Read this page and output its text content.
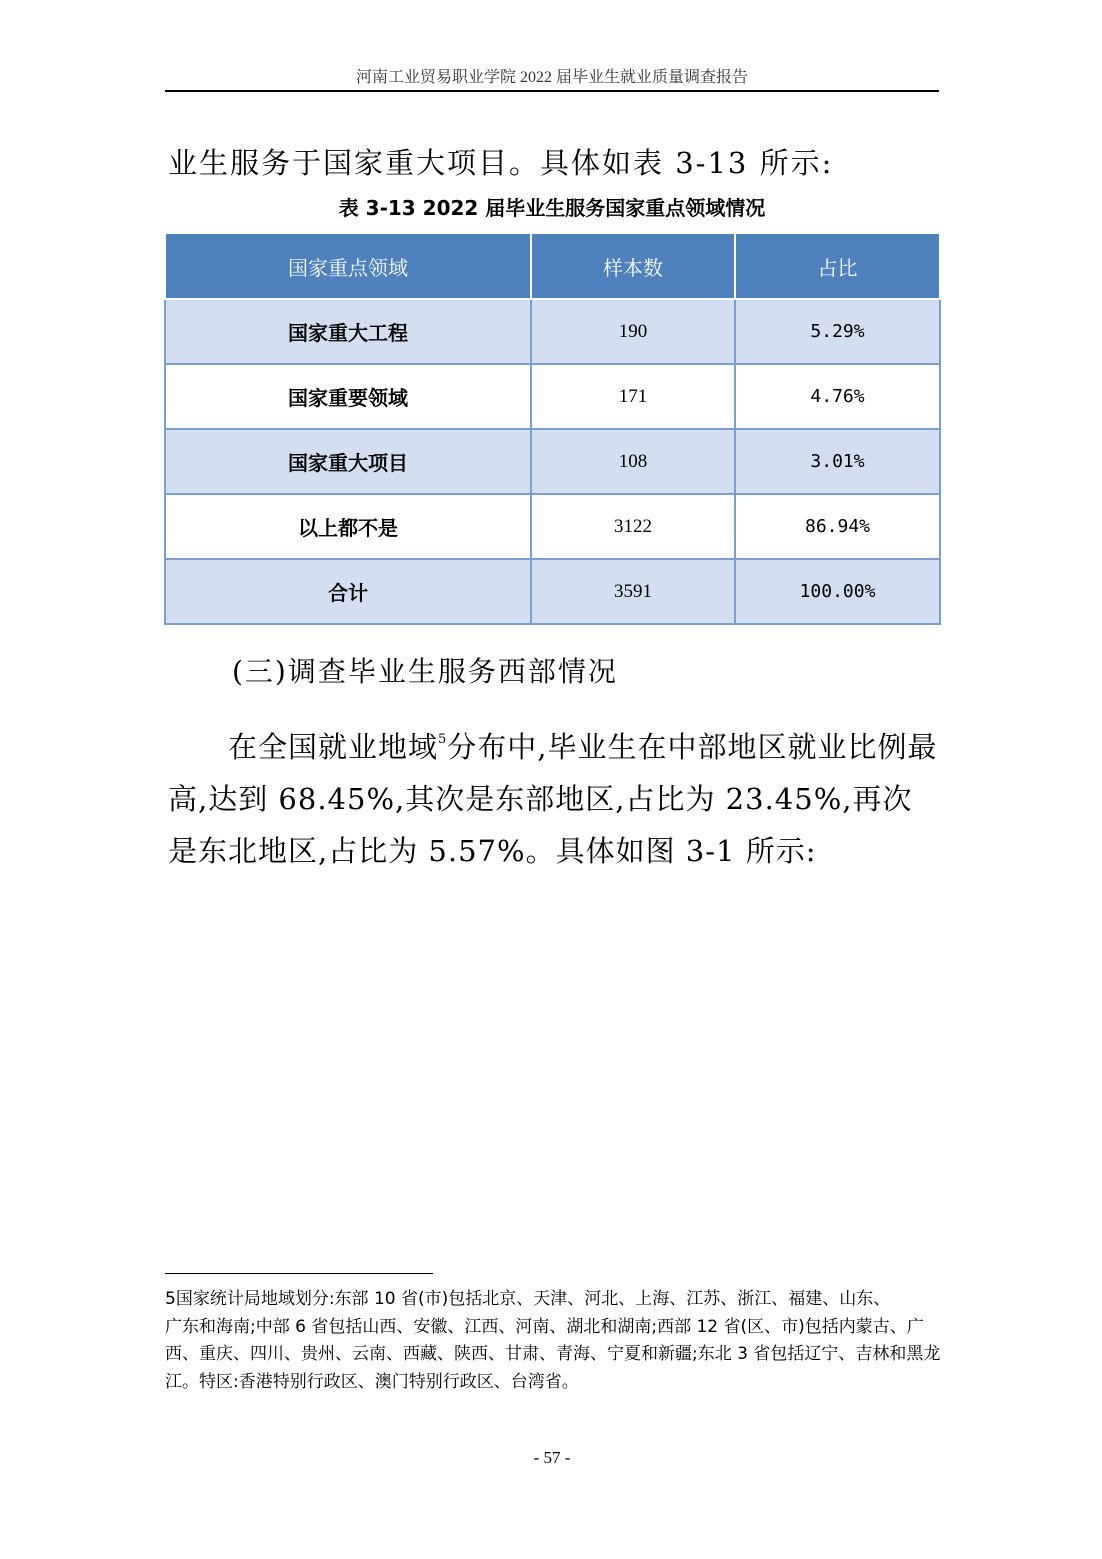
河南工业贸易职业学院 2022 届毕业生就业质量调查报告
业生服务于国家重大项目。具体如表 3-13 所示:
表 3-13 2022 届毕业生服务国家重点领域情况
国家重点领域	样本数	占比
国家重大工程	190	5.29%
国家重要领域	171	4.76%
国家重大项目	108	3.01%
以上都不是	3122	86.94%
合计	3591	100.00%
(三)调查毕业生服务西部情况
在全国就业地域$^5$分布中,毕业生在中部地区就业比例最
高,达到 68.45%,其次是东部地区,占比为 23.45%,再次
是东北地区,占比为 5.57%。具体如图 3-1 所示:
5国家统计局地域划分:东部 10 省(市)包括北京、天津、河北、上海、江苏、浙江、福建、山东、
广东和海南;中部 6 省包括山西、安徽、江西、河南、湖北和湖南;西部 12 省(区、市)包括内蒙古、广
西、重庆、四川、贵州、云南、西藏、陕西、甘肃、青海、宁夏和新疆;东北 3 省包括辽宁、吉林和黑龙
江。特区:香港特别行政区、澳门特别行政区、台湾省。
- 57 -
